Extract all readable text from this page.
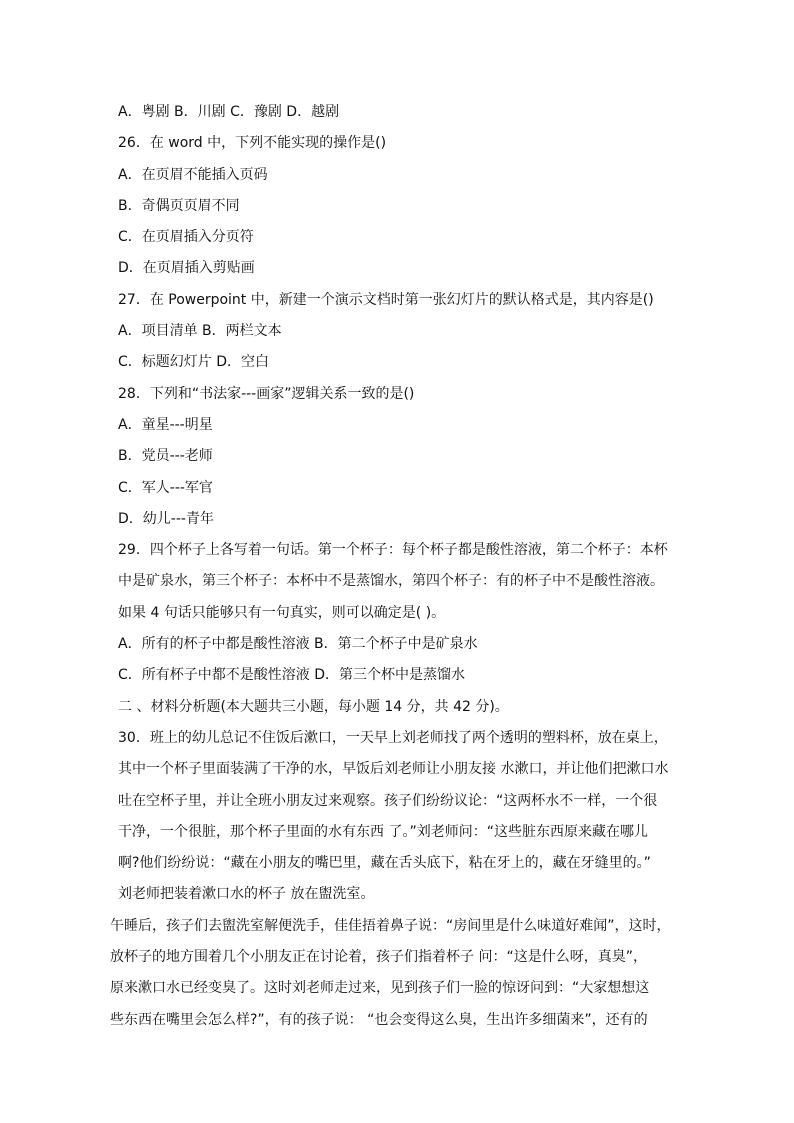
A．粤剧 B．川剧 C．豫剧 D．越剧
26．在 word 中，下列不能实现的操作是()
A．在页眉不能插入页码
B．奇偶页页眉不同
C．在页眉插入分页符
D．在页眉插入剪贴画
27．在 Powerpoint 中，新建一个演示文档时第一张幻灯片的默认格式是，其内容是()
A．项目清单 B．两栏文本
C．标题幻灯片 D．空白
28．下列和“书法家---画家”逻辑关系一致的是()
A．童星---明星
B．党员---老师
C．军人---军官
D．幼儿---青年
29．四个杯子上各写着一句话。第一个杯子：每个杯子都是酸性溶液，第二个杯子：本杯
中是矿泉水，第三个杯子：本杯中不是蒸馏水，第四个杯子：有的杯子中不是酸性溶液。
如果 4 句话只能够只有一句真实，则可以确定是( )。
A．所有的杯子中都是酸性溶液 B．第二个杯子中是矿泉水
C．所有杯子中都不是酸性溶液 D．第三个杯中是蒸馏水
二 、材料分析题(本大题共三小题，每小题 14 分，共 42 分)。
30．班上的幼儿总记不住饭后漱口，一天早上刘老师找了两个透明的塑料杯，放在桌上，
其中一个杯子里面装满了干净的水，早饭后刘老师让小朋友接 水漱口，并让他们把漱口水
吐在空杯子里，并让全班小朋友过来观察。孩子们纷纷议论：“这两杯水不一样，一个很
干净，一个很脏，那个杯子里面的水有东西 了。”刘老师问：“这些脏东西原来藏在哪儿
啊?他们纷纷说：“藏在小朋友的嘴巴里，藏在舌头底下，粘在牙上的，藏在牙缝里的。”
刘老师把装着漱口水的杯子 放在盥洗室。
午睡后，孩子们去盥洗室解便洗手，佳佳捂着鼻子说：“房间里是什么味道好难闻”，这时，
放杯子的地方围着几个小朋友正在讨论着，孩子们指着杯子 问：“这是什么呀，真臭”，
原来漱口水已经变臭了。这时刘老师走过来，见到孩子们一脸的惊讶问到：“大家想想这
些东西在嘴里会怎么样?”，有的孩子说： “也会变得这么臭，生出许多细菌来”，还有的
